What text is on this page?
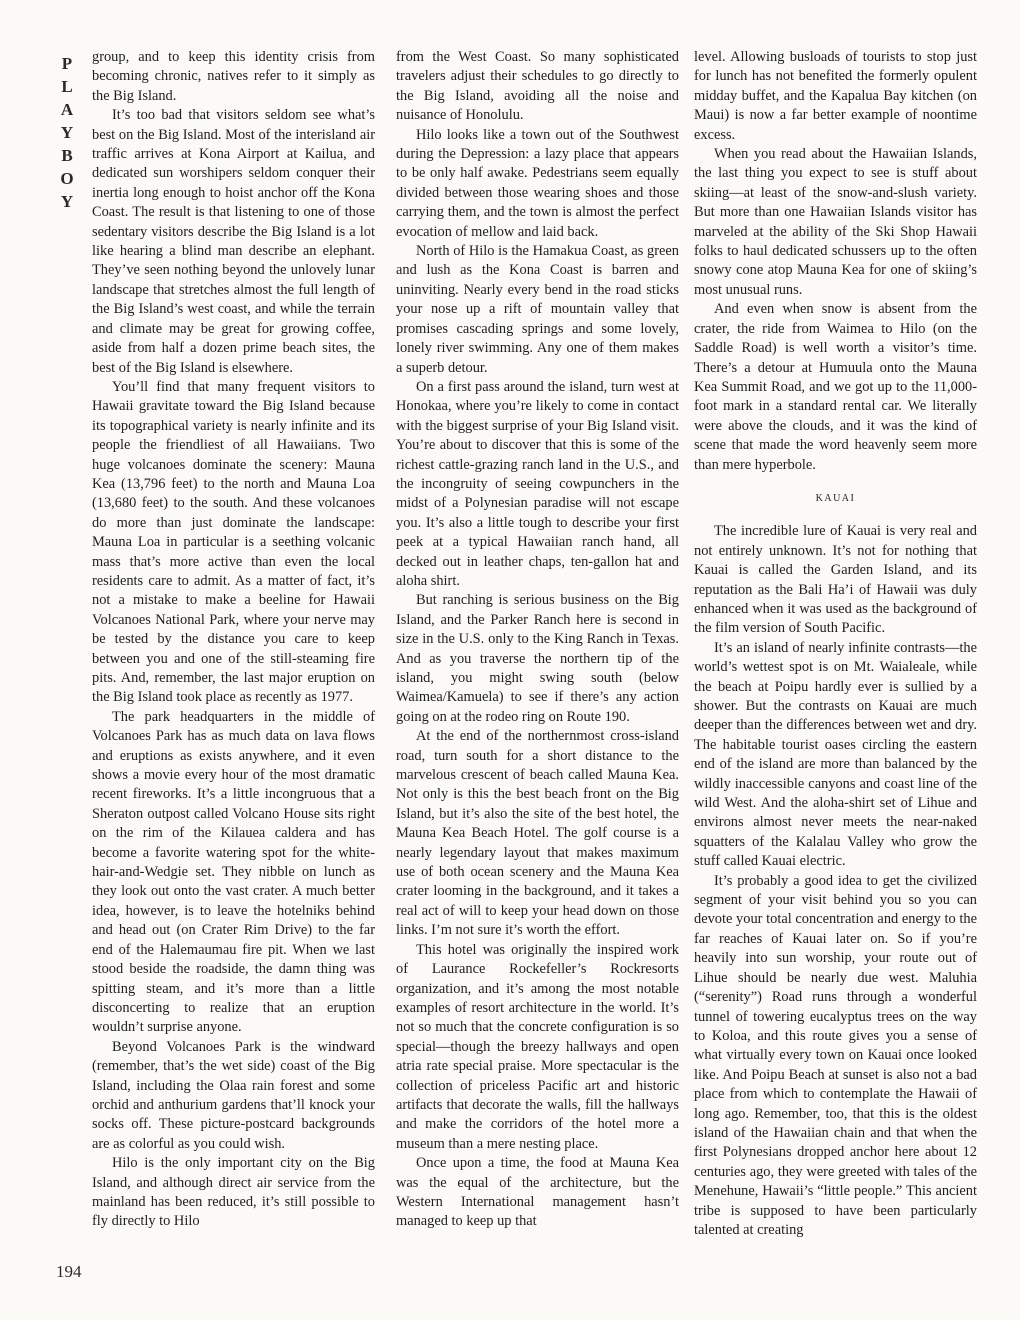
P
L
A
Y
B
O
Y
194

group, and to keep this identity crisis from becoming chronic, natives refer to it simply as the Big Island.

It’s too bad that visitors seldom see what’s best on the Big Island. Most of the interisland air traffic arrives at Kona Airport at Kailua, and dedicated sun worshipers seldom conquer their inertia long enough to hoist anchor off the Kona Coast. The result is that listening to one of those sedentary visitors describe the Big Island is a lot like hearing a blind man describe an elephant. They’ve seen nothing beyond the unlovely lunar landscape that stretches almost the full length of the Big Island’s west coast, and while the terrain and climate may be great for growing coffee, aside from half a dozen prime beach sites, the best of the Big Island is elsewhere.

You’ll find that many frequent visitors to Hawaii gravitate toward the Big Island because its topographical variety is nearly infinite and its people the friendliest of all Hawaiians. Two huge volcanoes dominate the scenery: Mauna Kea (13,796 feet) to the north and Mauna Loa (13,680 feet) to the south. And these volcanoes do more than just dominate the landscape: Mauna Loa in particular is a seething volcanic mass that’s more active than even the local residents care to admit. As a matter of fact, it’s not a mistake to make a beeline for Hawaii Volcanoes National Park, where your nerve may be tested by the distance you care to keep between you and one of the still-steaming fire pits. And, remember, the last major eruption on the Big Island took place as recently as 1977.

The park headquarters in the middle of Volcanoes Park has as much data on lava flows and eruptions as exists anywhere, and it even shows a movie every hour of the most dramatic recent fireworks. It’s a little incongruous that a Sheraton outpost called Volcano House sits right on the rim of the Kilauea caldera and has become a favorite watering spot for the white-hair-and-Wedgie set. They nibble on lunch as they look out onto the vast crater. A much better idea, however, is to leave the hotelniks behind and head out (on Crater Rim Drive) to the far end of the Halemaumau fire pit. When we last stood beside the roadside, the damn thing was spitting steam, and it’s more than a little disconcerting to realize that an eruption wouldn’t surprise anyone.

Beyond Volcanoes Park is the windward (remember, that’s the wet side) coast of the Big Island, including the Olaa rain forest and some orchid and anthurium gardens that’ll knock your socks off. These picture-postcard backgrounds are as colorful as you could wish.

Hilo is the only important city on the Big Island, and although direct air service from the mainland has been reduced, it’s still possible to fly directly to Hilo

from the West Coast. So many sophisticated travelers adjust their schedules to go directly to the Big Island, avoiding all the noise and nuisance of Honolulu.

Hilo looks like a town out of the Southwest during the Depression: a lazy place that appears to be only half awake. Pedestrians seem equally divided between those wearing shoes and those carrying them, and the town is almost the perfect evocation of mellow and laid back.

North of Hilo is the Hamakua Coast, as green and lush as the Kona Coast is barren and uninviting. Nearly every bend in the road sticks your nose up a rift of mountain valley that promises cascading springs and some lovely, lonely river swimming. Any one of them makes a superb detour.

On a first pass around the island, turn west at Honokaa, where you’re likely to come in contact with the biggest surprise of your Big Island visit. You’re about to discover that this is some of the richest cattle-grazing ranch land in the U.S., and the incongruity of seeing cowpunchers in the midst of a Polynesian paradise will not escape you. It’s also a little tough to describe your first peek at a typical Hawaiian ranch hand, all decked out in leather chaps, ten-gallon hat and aloha shirt.

But ranching is serious business on the Big Island, and the Parker Ranch here is second in size in the U.S. only to the King Ranch in Texas. And as you traverse the northern tip of the island, you might swing south (below Waimea/Kamuela) to see if there’s any action going on at the rodeo ring on Route 190.

At the end of the northernmost cross-island road, turn south for a short distance to the marvelous crescent of beach called Mauna Kea. Not only is this the best beach front on the Big Island, but it’s also the site of the best hotel, the Mauna Kea Beach Hotel. The golf course is a nearly legendary layout that makes maximum use of both ocean scenery and the Mauna Kea crater looming in the background, and it takes a real act of will to keep your head down on those links. I’m not sure it’s worth the effort.

This hotel was originally the inspired work of Laurance Rockefeller’s Rockresorts organization, and it’s among the most notable examples of resort architecture in the world. It’s not so much that the concrete configuration is so special—though the breezy hallways and open atria rate special praise. More spectacular is the collection of priceless Pacific art and historic artifacts that decorate the walls, fill the hallways and make the corridors of the hotel more a museum than a mere nesting place.

Once upon a time, the food at Mauna Kea was the equal of the architecture, but the Western International management hasn’t managed to keep up that

level. Allowing busloads of tourists to stop just for lunch has not benefited the formerly opulent midday buffet, and the Kapalua Bay kitchen (on Maui) is now a far better example of noontime excess.

When you read about the Hawaiian Islands, the last thing you expect to see is stuff about skiing—at least of the snow-and-slush variety. But more than one Hawaiian Islands visitor has marveled at the ability of the Ski Shop Hawaii folks to haul dedicated schussers up to the often snowy cone atop Mauna Kea for one of skiing’s most unusual runs.

And even when snow is absent from the crater, the ride from Waimea to Hilo (on the Saddle Road) is well worth a visitor’s time. There’s a detour at Humuula onto the Mauna Kea Summit Road, and we got up to the 11,000-foot mark in a standard rental car. We literally were above the clouds, and it was the kind of scene that made the word heavenly seem more than mere hyperbole.

KAUAI

The incredible lure of Kauai is very real and not entirely unknown. It’s not for nothing that Kauai is called the Garden Island, and its reputation as the Bali Ha’i of Hawaii was duly enhanced when it was used as the background of the film version of South Pacific.

It’s an island of nearly infinite contrasts—the world’s wettest spot is on Mt. Waialeale, while the beach at Poipu hardly ever is sullied by a shower. But the contrasts on Kauai are much deeper than the differences between wet and dry. The habitable tourist oases circling the eastern end of the island are more than balanced by the wildly inaccessible canyons and coast line of the wild West. And the aloha-shirt set of Lihue and environs almost never meets the near-naked squatters of the Kalalau Valley who grow the stuff called Kauai electric.

It’s probably a good idea to get the civilized segment of your visit behind you so you can devote your total concentration and energy to the far reaches of Kauai later on. So if you’re heavily into sun worship, your route out of Lihue should be nearly due west. Maluhia (“serenity”) Road runs through a wonderful tunnel of towering eucalyptus trees on the way to Koloa, and this route gives you a sense of what virtually every town on Kauai once looked like. And Poipu Beach at sunset is also not a bad place from which to contemplate the Hawaii of long ago. Remember, too, that this is the oldest island of the Hawaiian chain and that when the first Polynesians dropped anchor here about 12 centuries ago, they were greeted with tales of the Menehune, Hawaii’s “little people.” This ancient tribe is supposed to have been particularly talented at creating
